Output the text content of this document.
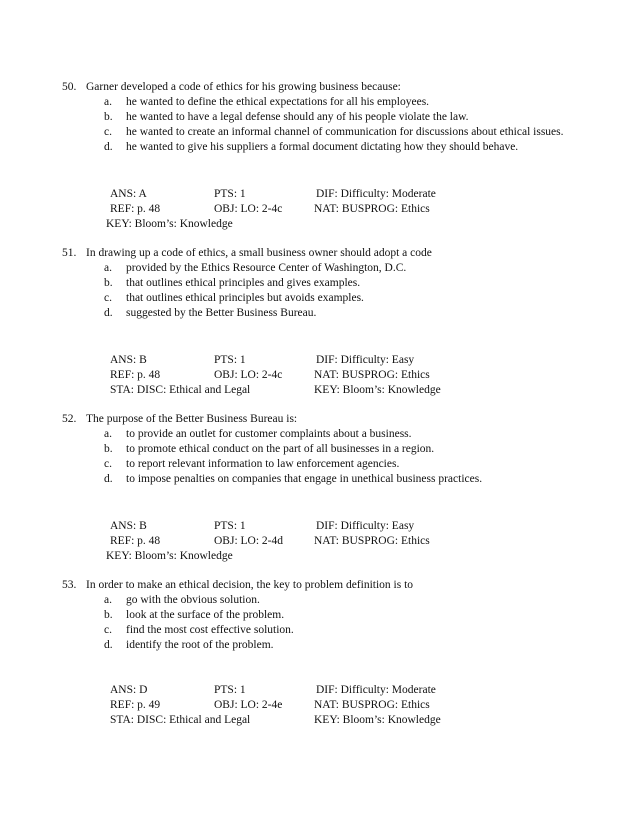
50. Garner developed a code of ethics for his growing business because:
a. he wanted to define the ethical expectations for all his employees.
b. he wanted to have a legal defense should any of his people violate the law.
c. he wanted to create an informal channel of communication for discussions about ethical issues.
d. he wanted to give his suppliers a formal document dictating how they should behave.
ANS: A	PTS: 1	DIF: Difficulty: Moderate
REF: p. 48	OBJ: LO: 2-4c	NAT: BUSPROG: Ethics
KEY: Bloom’s: Knowledge
51. In drawing up a code of ethics, a small business owner should adopt a code
a. provided by the Ethics Resource Center of Washington, D.C.
b. that outlines ethical principles and gives examples.
c. that outlines ethical principles but avoids examples.
d. suggested by the Better Business Bureau.
ANS: B	PTS: 1	DIF: Difficulty: Easy
REF: p. 48	OBJ: LO: 2-4c	NAT: BUSPROG: Ethics
STA: DISC: Ethical and Legal	KEY: Bloom’s: Knowledge
52. The purpose of the Better Business Bureau is:
a. to provide an outlet for customer complaints about a business.
b. to promote ethical conduct on the part of all businesses in a region.
c. to report relevant information to law enforcement agencies.
d. to impose penalties on companies that engage in unethical business practices.
ANS: B	PTS: 1	DIF: Difficulty: Easy
REF: p. 48	OBJ: LO: 2-4d	NAT: BUSPROG: Ethics
KEY: Bloom’s: Knowledge
53. In order to make an ethical decision, the key to problem definition is to
a. go with the obvious solution.
b. look at the surface of the problem.
c. find the most cost effective solution.
d. identify the root of the problem.
ANS: D	PTS: 1	DIF: Difficulty: Moderate
REF: p. 49	OBJ: LO: 2-4e	NAT: BUSPROG: Ethics
STA: DISC: Ethical and Legal	KEY: Bloom’s: Knowledge
